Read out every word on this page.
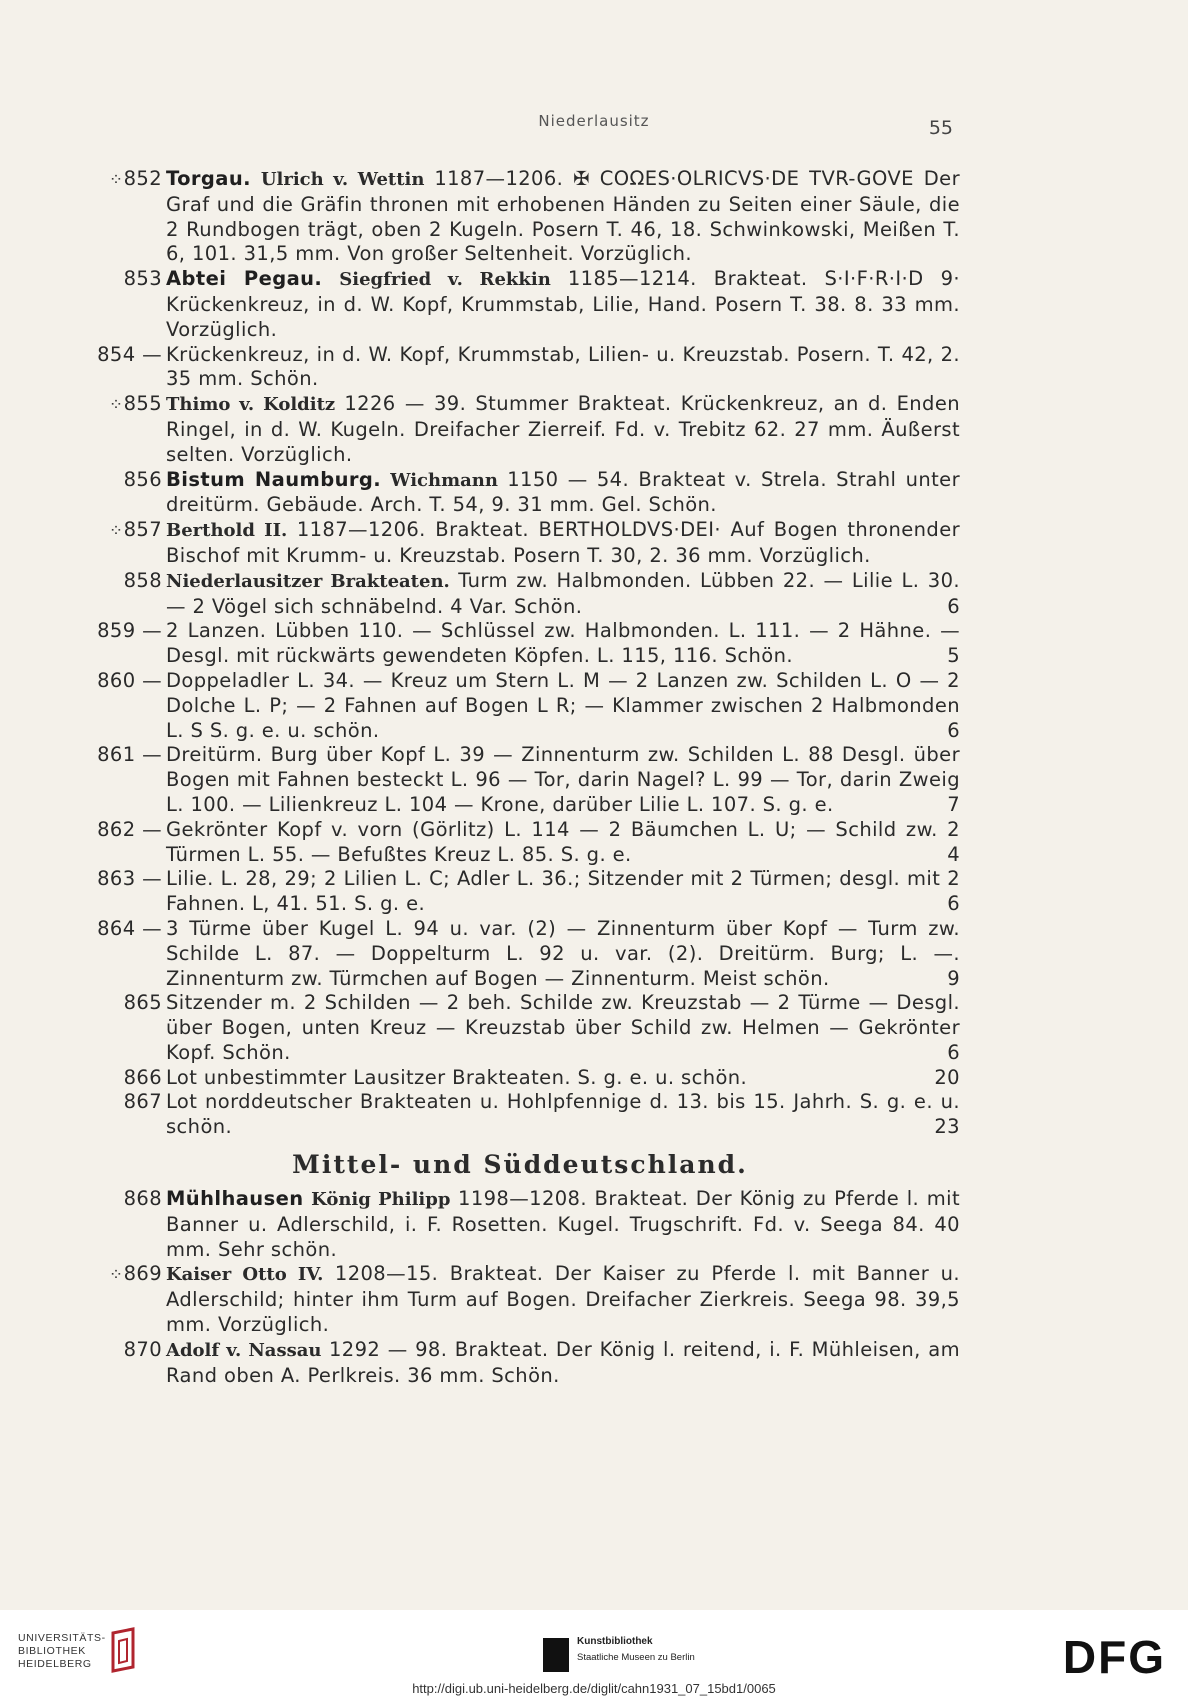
Niederlausitz	55
⁘852 Torgau. Ulrich v. Wettin 1187—1206. ✠ COΩES·OLRICVS·DE TVR-GOVE Der Graf und die Gräfin thronen mit erhobenen Händen zu Seiten einer Säule, die 2 Rundbogen trägt, oben 2 Kugeln. Posern T. 46, 18. Schwinkowski, Meißen T. 6, 101. 31,5 mm. Von großer Seltenheit. Vorzüglich.
853 Abtei Pegau. Siegfried v. Rekkin 1185—1214. Brakteat. S·I·F·R·I·D 9· Krückenkreuz, in d. W. Kopf, Krummstab, Lilie, Hand. Posern T. 38. 8. 33 mm. Vorzüglich.
854 — Krückenkreuz, in d. W. Kopf, Krummstab, Lilien- u. Kreuzstab. Posern. T. 42, 2. 35 mm. Schön.
⁘855 Thimo v. Kolditz 1226 — 39. Stummer Brakteat. Krückenkreuz, an d. Enden Ringel, in d. W. Kugeln. Dreifacher Zierreif. Fd. v. Trebitz 62. 27 mm. Äußerst selten. Vorzüglich.
856 Bistum Naumburg. Wichmann 1150 — 54. Brakteat v. Strela. Strahl unter dreitürm. Gebäude. Arch. T. 54, 9. 31 mm. Gel. Schön.
⁘857 Berthold II. 1187—1206. Brakteat. BERTHOLDVS·DEI· Auf Bogen thronender Bischof mit Krumm- u. Kreuzstab. Posern T. 30, 2. 36 mm. Vorzüglich.
858 Niederlausitzer Brakteaten. Turm zw. Halbmonden. Lübben 22. — Lilie L. 30. — 2 Vögel sich schnäbelnd. 4 Var. Schön.	6
859 — 2 Lanzen. Lübben 110. — Schlüssel zw. Halbmonden. L. 111. — 2 Hähne. — Desgl. mit rückwärts gewendeten Köpfen. L. 115, 116. Schön.	5
860 — Doppeladler L. 34. — Kreuz um Stern L. M — 2 Lanzen zw. Schilden L. O — 2 Dolche L. P; — 2 Fahnen auf Bogen L R; — Klammer zwischen 2 Halbmonden L. S S. g. e. u. schön.	6
861 — Dreitürm. Burg über Kopf L. 39 — Zinnenturm zw. Schilden L. 88 Desgl. über Bogen mit Fahnen besteckt L. 96 — Tor, darin Nagel? L. 99 — Tor, darin Zweig L. 100. — Lilienkreuz L. 104 — Krone, darüber Lilie L. 107. S. g. e.	7
862 — Gekrönter Kopf v. vorn (Görlitz) L. 114 — 2 Bäumchen L. U; — Schild zw. 2 Türmen L. 55. — Befußtes Kreuz L. 85. S. g. e.	4
863 — Lilie. L. 28, 29; 2 Lilien L. C; Adler L. 36.; Sitzender mit 2 Türmen; desgl. mit 2 Fahnen. L, 41. 51. S. g. e.	6
864 — 3 Türme über Kugel L. 94 u. var. (2) — Zinnenturm über Kopf — Turm zw. Schilde L. 87. — Doppelturm L. 92 u. var. (2). Dreitürm. Burg; L. —. Zinnenturm zw. Türmchen auf Bogen — Zinnenturm. Meist schön.	9
865 Sitzender m. 2 Schilden — 2 beh. Schilde zw. Kreuzstab — 2 Türme — Desgl. über Bogen, unten Kreuz — Kreuzstab über Schild zw. Helmen — Gekrönter Kopf. Schön.	6
866 Lot unbestimmter Lausitzer Brakteaten. S. g. e. u. schön.	20
867 Lot norddeutscher Brakteaten u. Hohlpfennige d. 13. bis 15. Jahrh. S. g. e. u. schön.	23
Mittel- und Süddeutschland.
868 Mühlhausen König Philipp 1198—1208. Brakteat. Der König zu Pferde l. mit Banner u. Adlerschild, i. F. Rosetten. Kugel. Trugschrift. Fd. v. Seega 84. 40 mm. Sehr schön.
⁘869 Kaiser Otto IV. 1208—15. Brakteat. Der Kaiser zu Pferde l. mit Banner u. Adlerschild; hinter ihm Turm auf Bogen. Dreifacher Zierkreis. Seega 98. 39,5 mm. Vorzüglich.
870 Adolf v. Nassau 1292 — 98. Brakteat. Der König l. reitend, i. F. Mühleisen, am Rand oben A. Perlkreis. 36 mm. Schön.
UNIVERSITÄTS-
BIBLIOTHEK
HEIDELBERG
Kunstbibliothek
Staatliche Museen zu Berlin	DFG
http://digi.ub.uni-heidelberg.de/diglit/cahn1931_07_15bd1/0065
